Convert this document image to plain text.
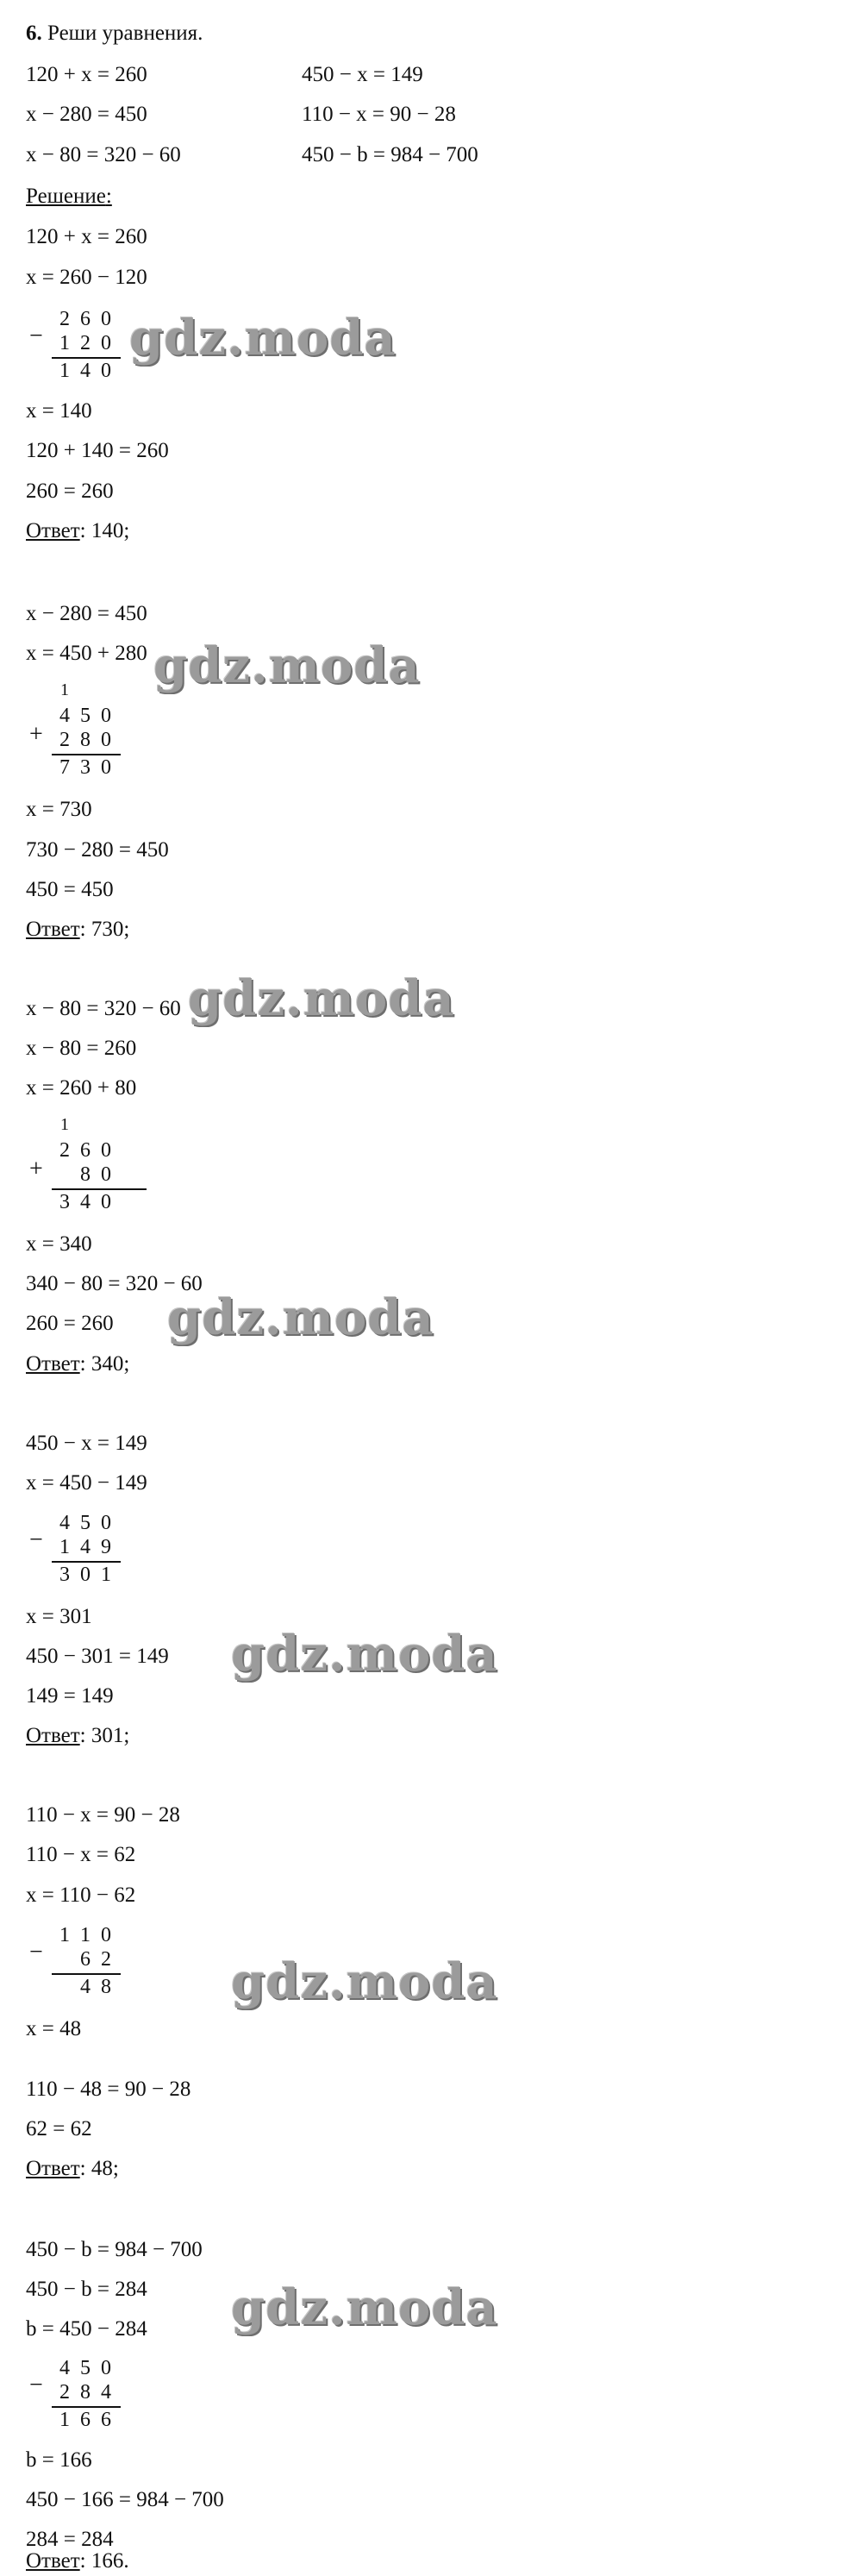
6. Реши уравнения.
120 + x = 260	450 − x = 149
x − 280 = 450	110 − x = 90 − 28
x − 80 = 320 − 60	450 − b = 984 − 700
Решение:
120 + x = 260
x = 260 − 120
−
2 6 0
1 2 0
1 4 0
gdz.moda
x = 140
120 + 140 = 260
260 = 260
Ответ: 140;
x − 280 = 450
x = 450 + 280
1
+
4 5 0
2 8 0
7 3 0
gdz.moda
x = 730
730 − 280 = 450
450 = 450
Ответ: 730;
x − 80 = 320 − 60 gdz.moda
x − 80 = 260
x = 260 + 80
1
+
2 6 0
8 0
3 4 0
x = 340
340 − 80 = 320 − 60
gdz.moda
260 = 260
Ответ: 340;
450 − x = 149
x = 450 − 149
−
4 5 0
1 4 9
3 0 1
x = 301
450 − 301 = 149 gdz.moda
149 = 149
Ответ: 301;
110 − x = 90 − 28
110 − x = 62
x = 110 − 62
−
1 1 0
6 2
4 8 gdz.moda
x = 48
110 − 48 = 90 − 28
62 = 62
Ответ: 48;
450 − b = 984 − 700
450 − b = 284
b = 450 − 284 gdz.moda
−
4 5 0
2 8 4
1 6 6
b = 166
450 − 166 = 984 − 700
284 = 284
Ответ: 166.
